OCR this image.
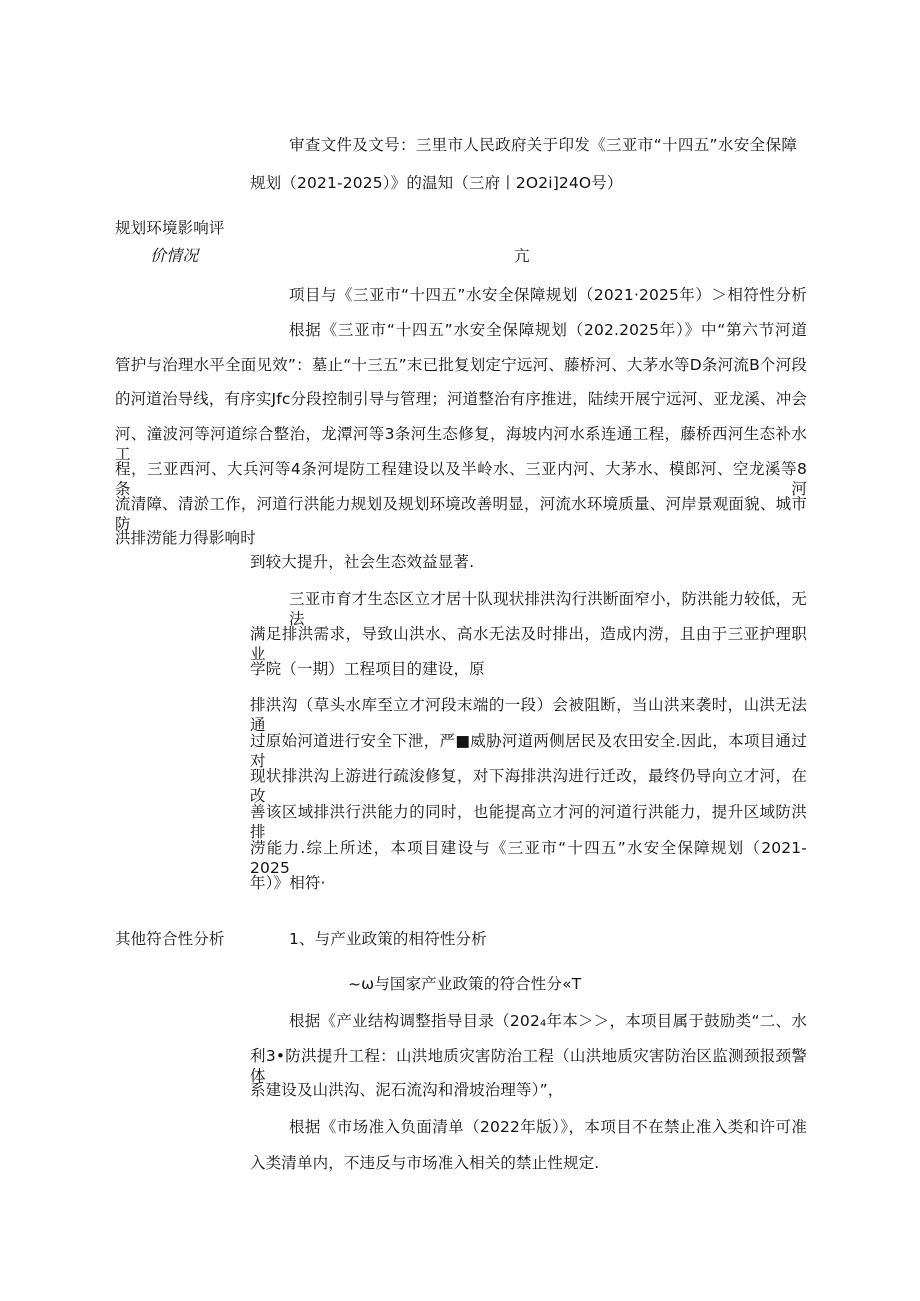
审查文件及文号：三里市人民政府关于印发《三亚市“十四五”水安全保障
规划（2021-2025）》的温知（三府丨2O2i]24O号）
规划环境影响评
价情况	亢
项目与《三亚市“十四五”水安全保障规划（2021·2025年）＞相符性分析
根据《三亚市“十四五”水安全保障规划（202.2025年）》中“第六节河道
管护与治理水平全面见效”：墓止“十三五”末已批复划定宁远河、藤桥河、大茅水等D条河流B个河段
的河道治导线，有序实Jfc分段控制引导与管理；河道整治有序推进，陆续开展宁远河、亚龙溪、冲会
河、潼波河等河道综合整治，龙潭河等3条河生态修复，海坡内河水系连通工程，藤桥西河生态补水工
程，三亚西河、大兵河等4条河堤防工程建设以及半岭水、三亚内河、大茅水、模郎河、空龙溪等8条河
流清障、清淤工作，河道行洪能力规划及规划环境改善明显，河流水环境质量、河岸景观面貌、城市防
洪排涝能力得影响时
到较大提升，社会生态效益显著.
三亚市育才生态区立才居十队现状排洪沟行洪断面窄小，防洪能力较低，无法
满足排洪需求，导致山洪水、高水无法及时排出，造成内涝，且由于三亚护理职业
学院（一期）工程项目的建设，原
排洪沟（草头水库至立才河段末端的一段）会被阻断，当山洪来袭时，山洪无法通
过原始河道进行安全下泄，严■威胁河道两侧居民及农田安全.因此，本项目通过对
现状排洪沟上游进行疏浚修复，对下海排洪沟进行迁改，最终仍导向立才河，在改
善该区域排洪行洪能力的同时，也能提高立才河的河道行洪能力，提升区域防洪排
涝能力.综上所述，本项目建设与《三亚市“十四五”水安全保障规划（2021-2025
年）》相符·
其他符合性分析	1、与产业政策的相符性分析
~ω与国家产业政策的符合性分«T
根据《产业结构调整指导目录（202₄年本＞＞，本项目属于鼓励类“二、水
利3•防洪提升工程：山洪地质灾害防治工程（山洪地质灾害防治区监测颈报颈警体
系建设及山洪沟、泥石流沟和滑坡治理等）”，
根据《市场准入负面清单（2022年版）》，本项目不在禁止准入类和许可准
入类清单内，不违反与市场准入相关的禁止性规定.
